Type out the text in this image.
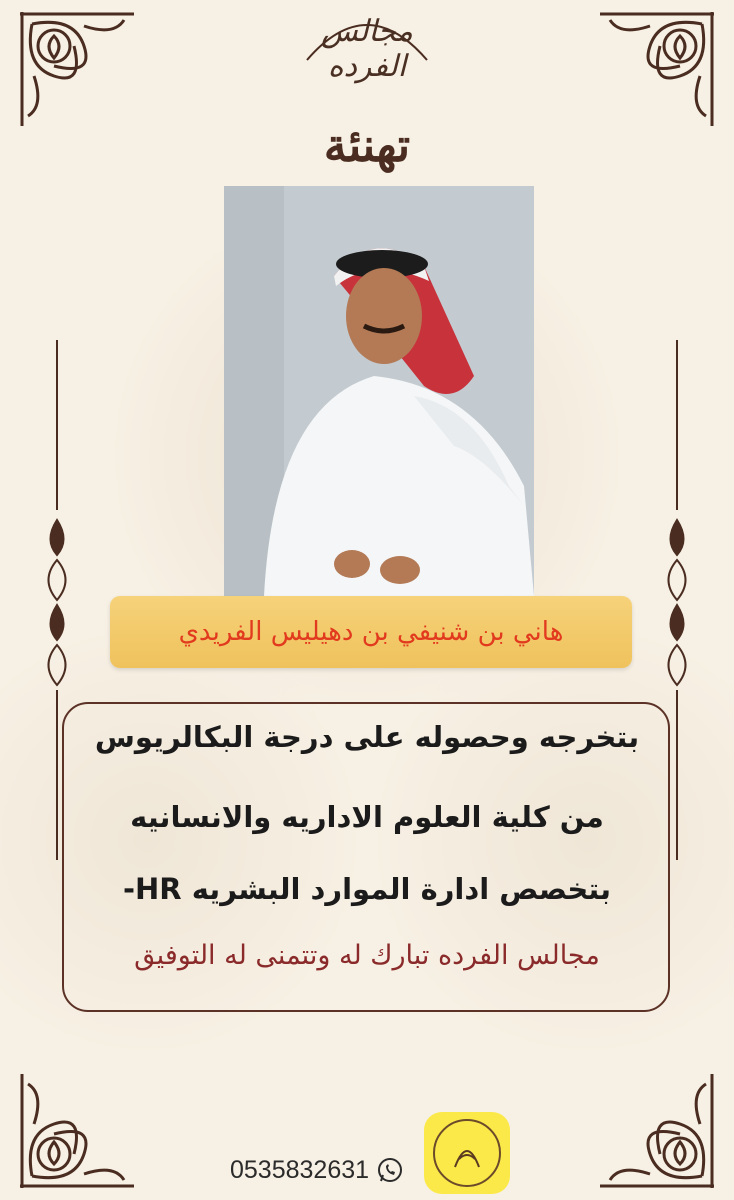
مجالس الفرده
تهنئة
هاني بن شنيفي بن دهيليس الفريدي
بتخرجه وحصوله على درجة البكالريوس
من كلية العلوم الاداريه والانسانيه
بتخصص ادارة الموارد البشريه HR-
مجالس الفرده تبارك له وتتمنى له التوفيق
0535832631
